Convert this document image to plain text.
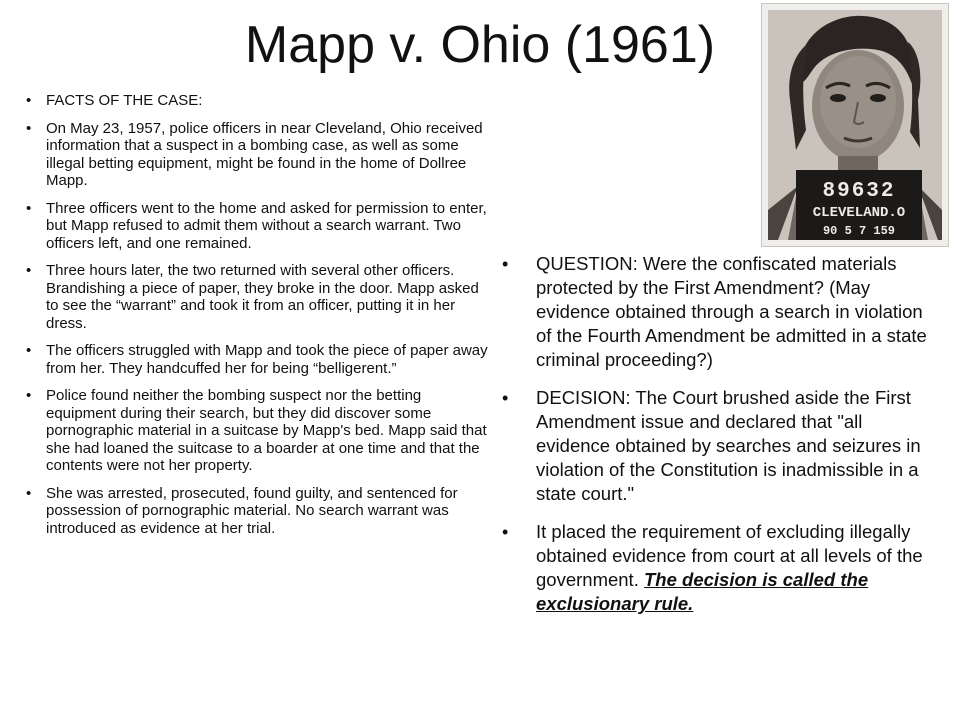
Mapp v. Ohio (1961)
89632
CLEVELAND.O
90 5 7 159
• FACTS OF THE CASE:
• On May 23, 1957, police officers in near Cleveland, Ohio received information that a suspect in a bombing case, as well as some illegal betting equipment, might be found in the home of Dollree Mapp.
• Three officers went to the home and asked for permission to enter, but Mapp refused to admit them without a search warrant. Two officers left, and one remained.
• Three hours later, the two returned with several other officers. Brandishing a piece of paper, they broke in the door. Mapp asked to see the “warrant” and took it from an officer, putting it in her dress.
• The officers struggled with Mapp and took the piece of paper away from her. They handcuffed her for being “belligerent.”
• Police found neither the bombing suspect nor the betting equipment during their search, but they did discover some pornographic material in a suitcase by Mapp's bed. Mapp said that she had loaned the suitcase to a boarder at one time and that the contents were not her property.
• She was arrested, prosecuted, found guilty, and sentenced for possession of pornographic material. No search warrant was introduced as evidence at her trial.
• QUESTION: Were the confiscated materials protected by the First Amendment? (May evidence obtained through a search in violation of the Fourth Amendment be admitted in a state criminal proceeding?)
• DECISION: The Court brushed aside the First Amendment issue and declared that "all evidence obtained by searches and seizures in violation of the Constitution is inadmissible in a state court."
• It placed the requirement of excluding illegally obtained evidence from court at all levels of the government. The decision is called the exclusionary rule.
